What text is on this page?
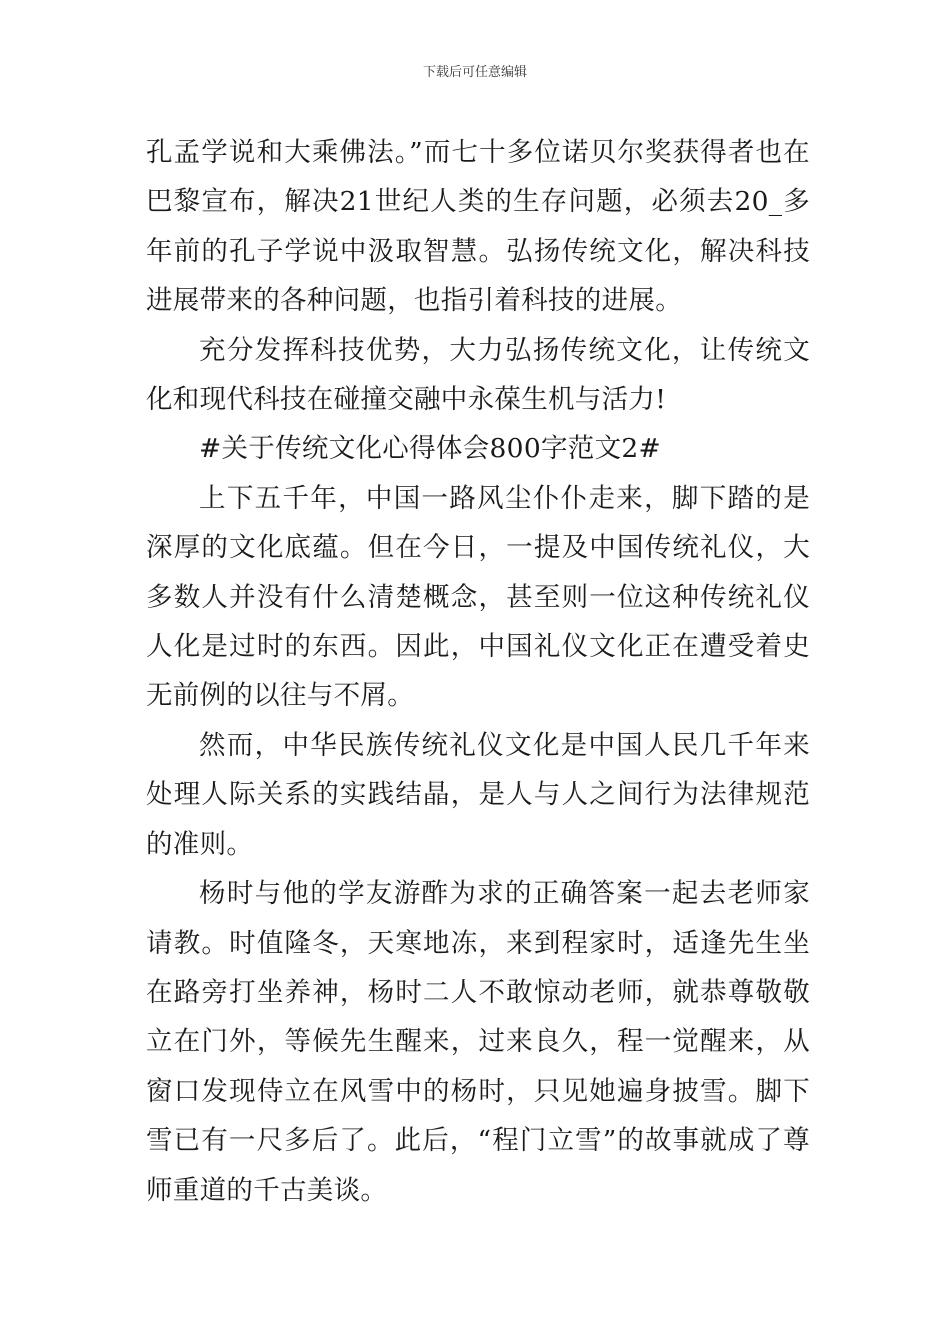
下载后可任意编辑

孔孟学说和大乘佛法。”而七十多位诺贝尔奖获得者也在巴黎宣布，解决21世纪人类的生存问题，必须去20_多年前的孔子学说中汲取智慧。弘扬传统文化，解决科技进展带来的各种问题，也指引着科技的进展。

充分发挥科技优势，大力弘扬传统文化，让传统文化和现代科技在碰撞交融中永葆生机与活力!

#关于传统文化心得体会800字范文2#

上下五千年，中国一路风尘仆仆走来，脚下踏的是深厚的文化底蕴。但在今日，一提及中国传统礼仪，大多数人并没有什么清楚概念，甚至则一位这种传统礼仪人化是过时的东西。因此，中国礼仪文化正在遭受着史无前例的以往与不屑。

然而，中华民族传统礼仪文化是中国人民几千年来处理人际关系的实践结晶，是人与人之间行为法律规范的准则。

杨时与他的学友游酢为求的正确答案一起去老师家请教。时值隆冬，天寒地冻，来到程家时，适逢先生坐在路旁打坐养神，杨时二人不敢惊动老师，就恭尊敬敬立在门外，等候先生醒来，过来良久，程一觉醒来，从窗口发现侍立在风雪中的杨时，只见她遍身披雪。脚下雪已有一尺多后了。此后，“程门立雪”的故事就成了尊师重道的千古美谈。
